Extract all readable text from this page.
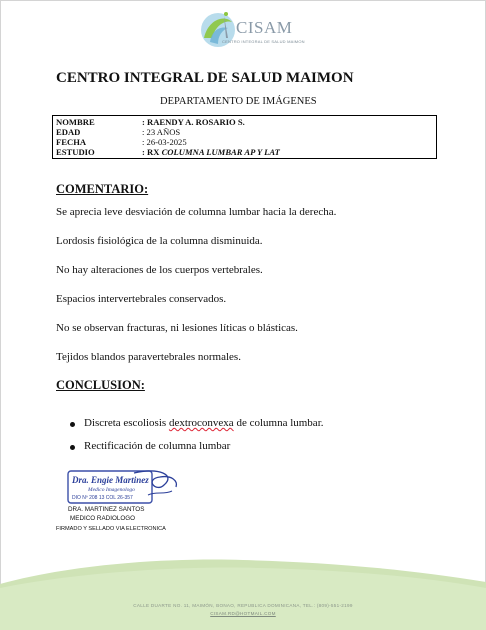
CISAM
CENTRO INTEGRAL DE SALUD MAIMON
CENTRO INTEGRAL DE SALUD MAIMON
DEPARTAMENTO DE IMÁGENES
NOMBRE	: RAENDY A. ROSARIO S.
EDAD	: 23 AÑOS
FECHA	: 26-03-2025
ESTUDIO	: RX COLUMNA LUMBAR AP Y LAT
COMENTARIO:
Se aprecia leve desviación de columna lumbar hacia la derecha.
Lordosis fisiológica de la columna disminuida.
No hay alteraciones de los cuerpos vertebrales.
Espacios intervertebrales conservados.
No se observan fracturas, ni lesiones líticas o blásticas.
Tejidos blandos paravertebrales normales.
CONCLUSION:
Discreta escoliosis dextroconvexa de columna lumbar.
Rectificación de columna lumbar
Dra. Engie Martinez
Medico Imagenologo
DIO Nº 208 13 COL 26-357
DRA. MARTINEZ SANTOS
MEDICO RADIOLOGO
FIRMADO Y SELLADO VIA ELECTRONICA
CALLE DUARTE NO. 11, MAIMÓN, BONAO, REPUBLICA DOMINICANA, TEL.: (809)-551-2199
CISAM.RD@HOTMAIL.COM
